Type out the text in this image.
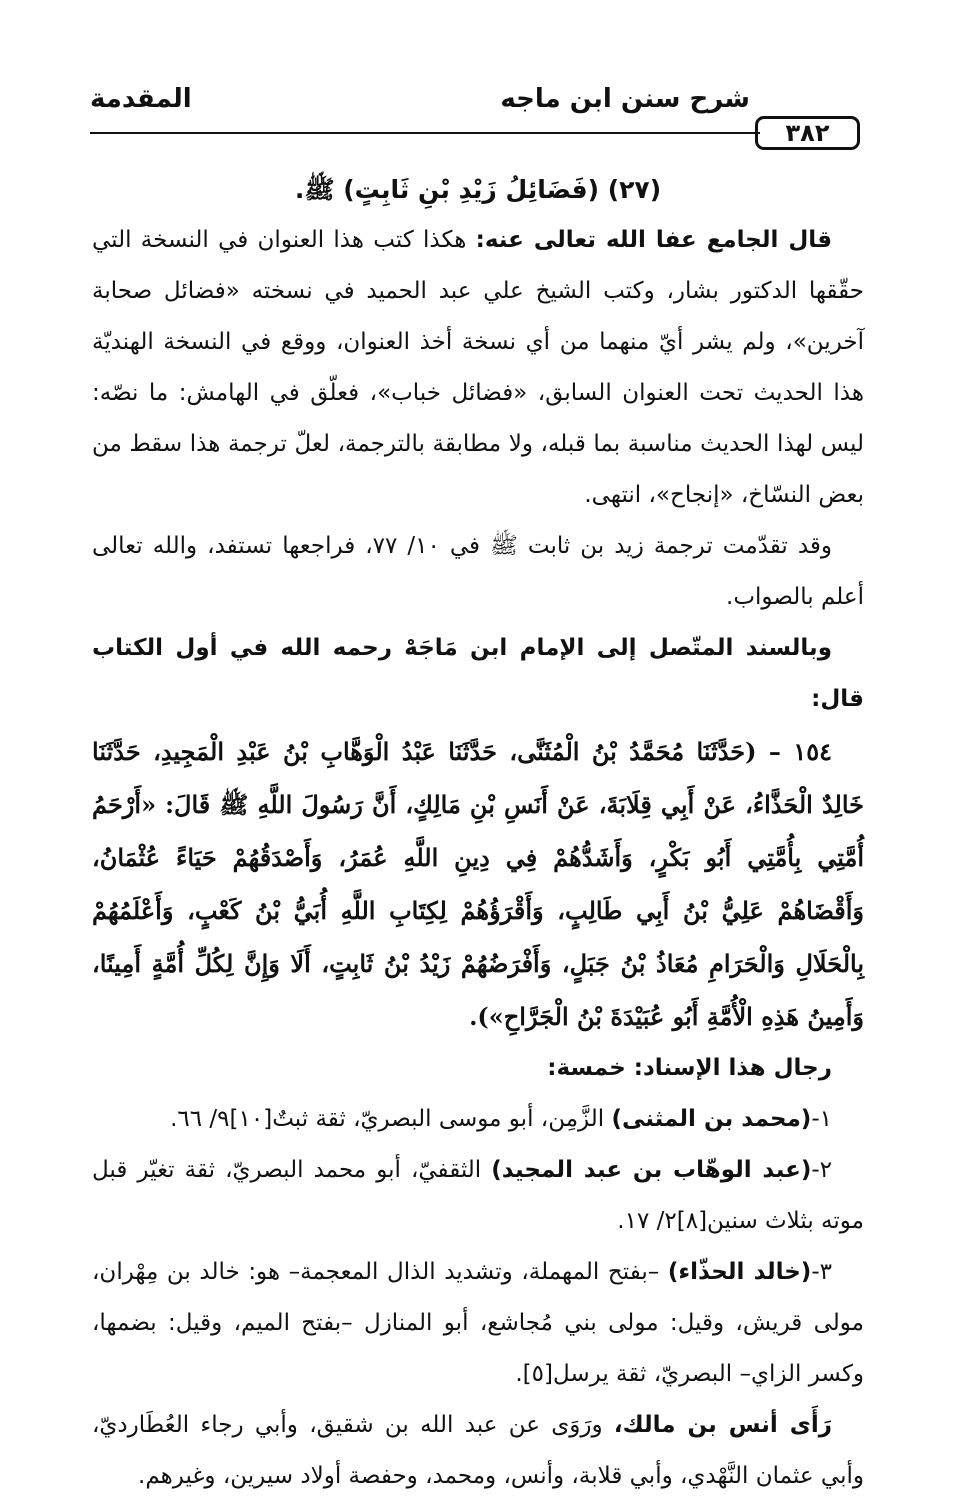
٣٨٢
شرح سنن ابن ماجه
المقدمة

(٢٧) (فَضَائِلُ زَيْدِ بْنِ ثَابِتٍ) ﷺ.

قال الجامع عفا الله تعالى عنه: هكذا كتب هذا العنوان في النسخة التي حقّقها الدكتور بشار، وكتب الشيخ علي عبد الحميد في نسخته «فضائل صحابة آخرين»، ولم يشر أيّ منهما من أي نسخة أخذ العنوان، ووقع في النسخة الهنديّة هذا الحديث تحت العنوان السابق، «فضائل خباب»، فعلّق في الهامش: ما نصّه: ليس لهذا الحديث مناسبة بما قبله، ولا مطابقة بالترجمة، لعلّ ترجمة هذا سقط من بعض النسّاخ، «إنجاح»، انتهى.

وقد تقدّمت ترجمة زيد بن ثابت ﷺ في ١٠/ ٧٧، فراجعها تستفد، والله تعالى أعلم بالصواب.

وبالسند المتّصل إلى الإمام ابن مَاجَهْ رحمه الله في أول الكتاب قال:

١٥٤ – (حَدَّثَنَا مُحَمَّدُ بْنُ الْمُثَنَّى، حَدَّثَنَا عَبْدُ الْوَهَّابِ بْنُ عَبْدِ الْمَجِيدِ، حَدَّثَنَا خَالِدٌ الْحَذَّاءُ، عَنْ أَبِي قِلَابَةَ، عَنْ أَنَسِ بْنِ مَالِكٍ، أَنَّ رَسُولَ اللَّهِ ﷺ قَالَ: «أَرْحَمُ أُمَّتِي بِأُمَّتِي أَبُو بَكْرٍ، وَأَشَدُّهُمْ فِي دِينِ اللَّهِ عُمَرُ، وَأَصْدَقُهُمْ حَيَاءً عُثْمَانُ، وَأَقْضَاهُمْ عَلِيُّ بْنُ أَبِي طَالِبٍ، وَأَقْرَؤُهُمْ لِكِتَابِ اللَّهِ أُبَيُّ بْنُ كَعْبٍ، وَأَعْلَمُهُمْ بِالْحَلَالِ وَالْحَرَامِ مُعَاذُ بْنُ جَبَلٍ، وَأَفْرَضُهُمْ زَيْدُ بْنُ ثَابِتٍ، أَلَا وَإِنَّ لِكُلِّ أُمَّةٍ أَمِينًا، وَأَمِينُ هَذِهِ الْأُمَّةِ أَبُو عُبَيْدَةَ بْنُ الْجَرَّاحِ»).

رجال هذا الإسناد: خمسة:

١-(محمد بن المثنى) الزَّمِن، أبو موسى البصريّ، ثقة ثبتٌ[١٠]٩/ ٦٦.

٢-(عبد الوهّاب بن عبد المجيد) الثقفيّ، أبو محمد البصريّ، ثقة تغيّر قبل موته بثلاث سنين[٨]٢/ ١٧.

٣-(خالد الحذّاء) –بفتح المهملة، وتشديد الذال المعجمة– هو: خالد بن مِهْران، مولى قريش، وقيل: مولى بني مُجاشع، أبو المنازل –بفتح الميم، وقيل: بضمها، وكسر الزاي– البصريّ، ثقة يرسل[٥].

رَأَى أنس بن مالك، ورَوَى عن عبد الله بن شقيق، وأبي رجاء العُطَارديّ، وأبي عثمان النَّهْدي، وأبي قلابة، وأنس، ومحمد، وحفصة أولاد سيرين، وغيرهم.
